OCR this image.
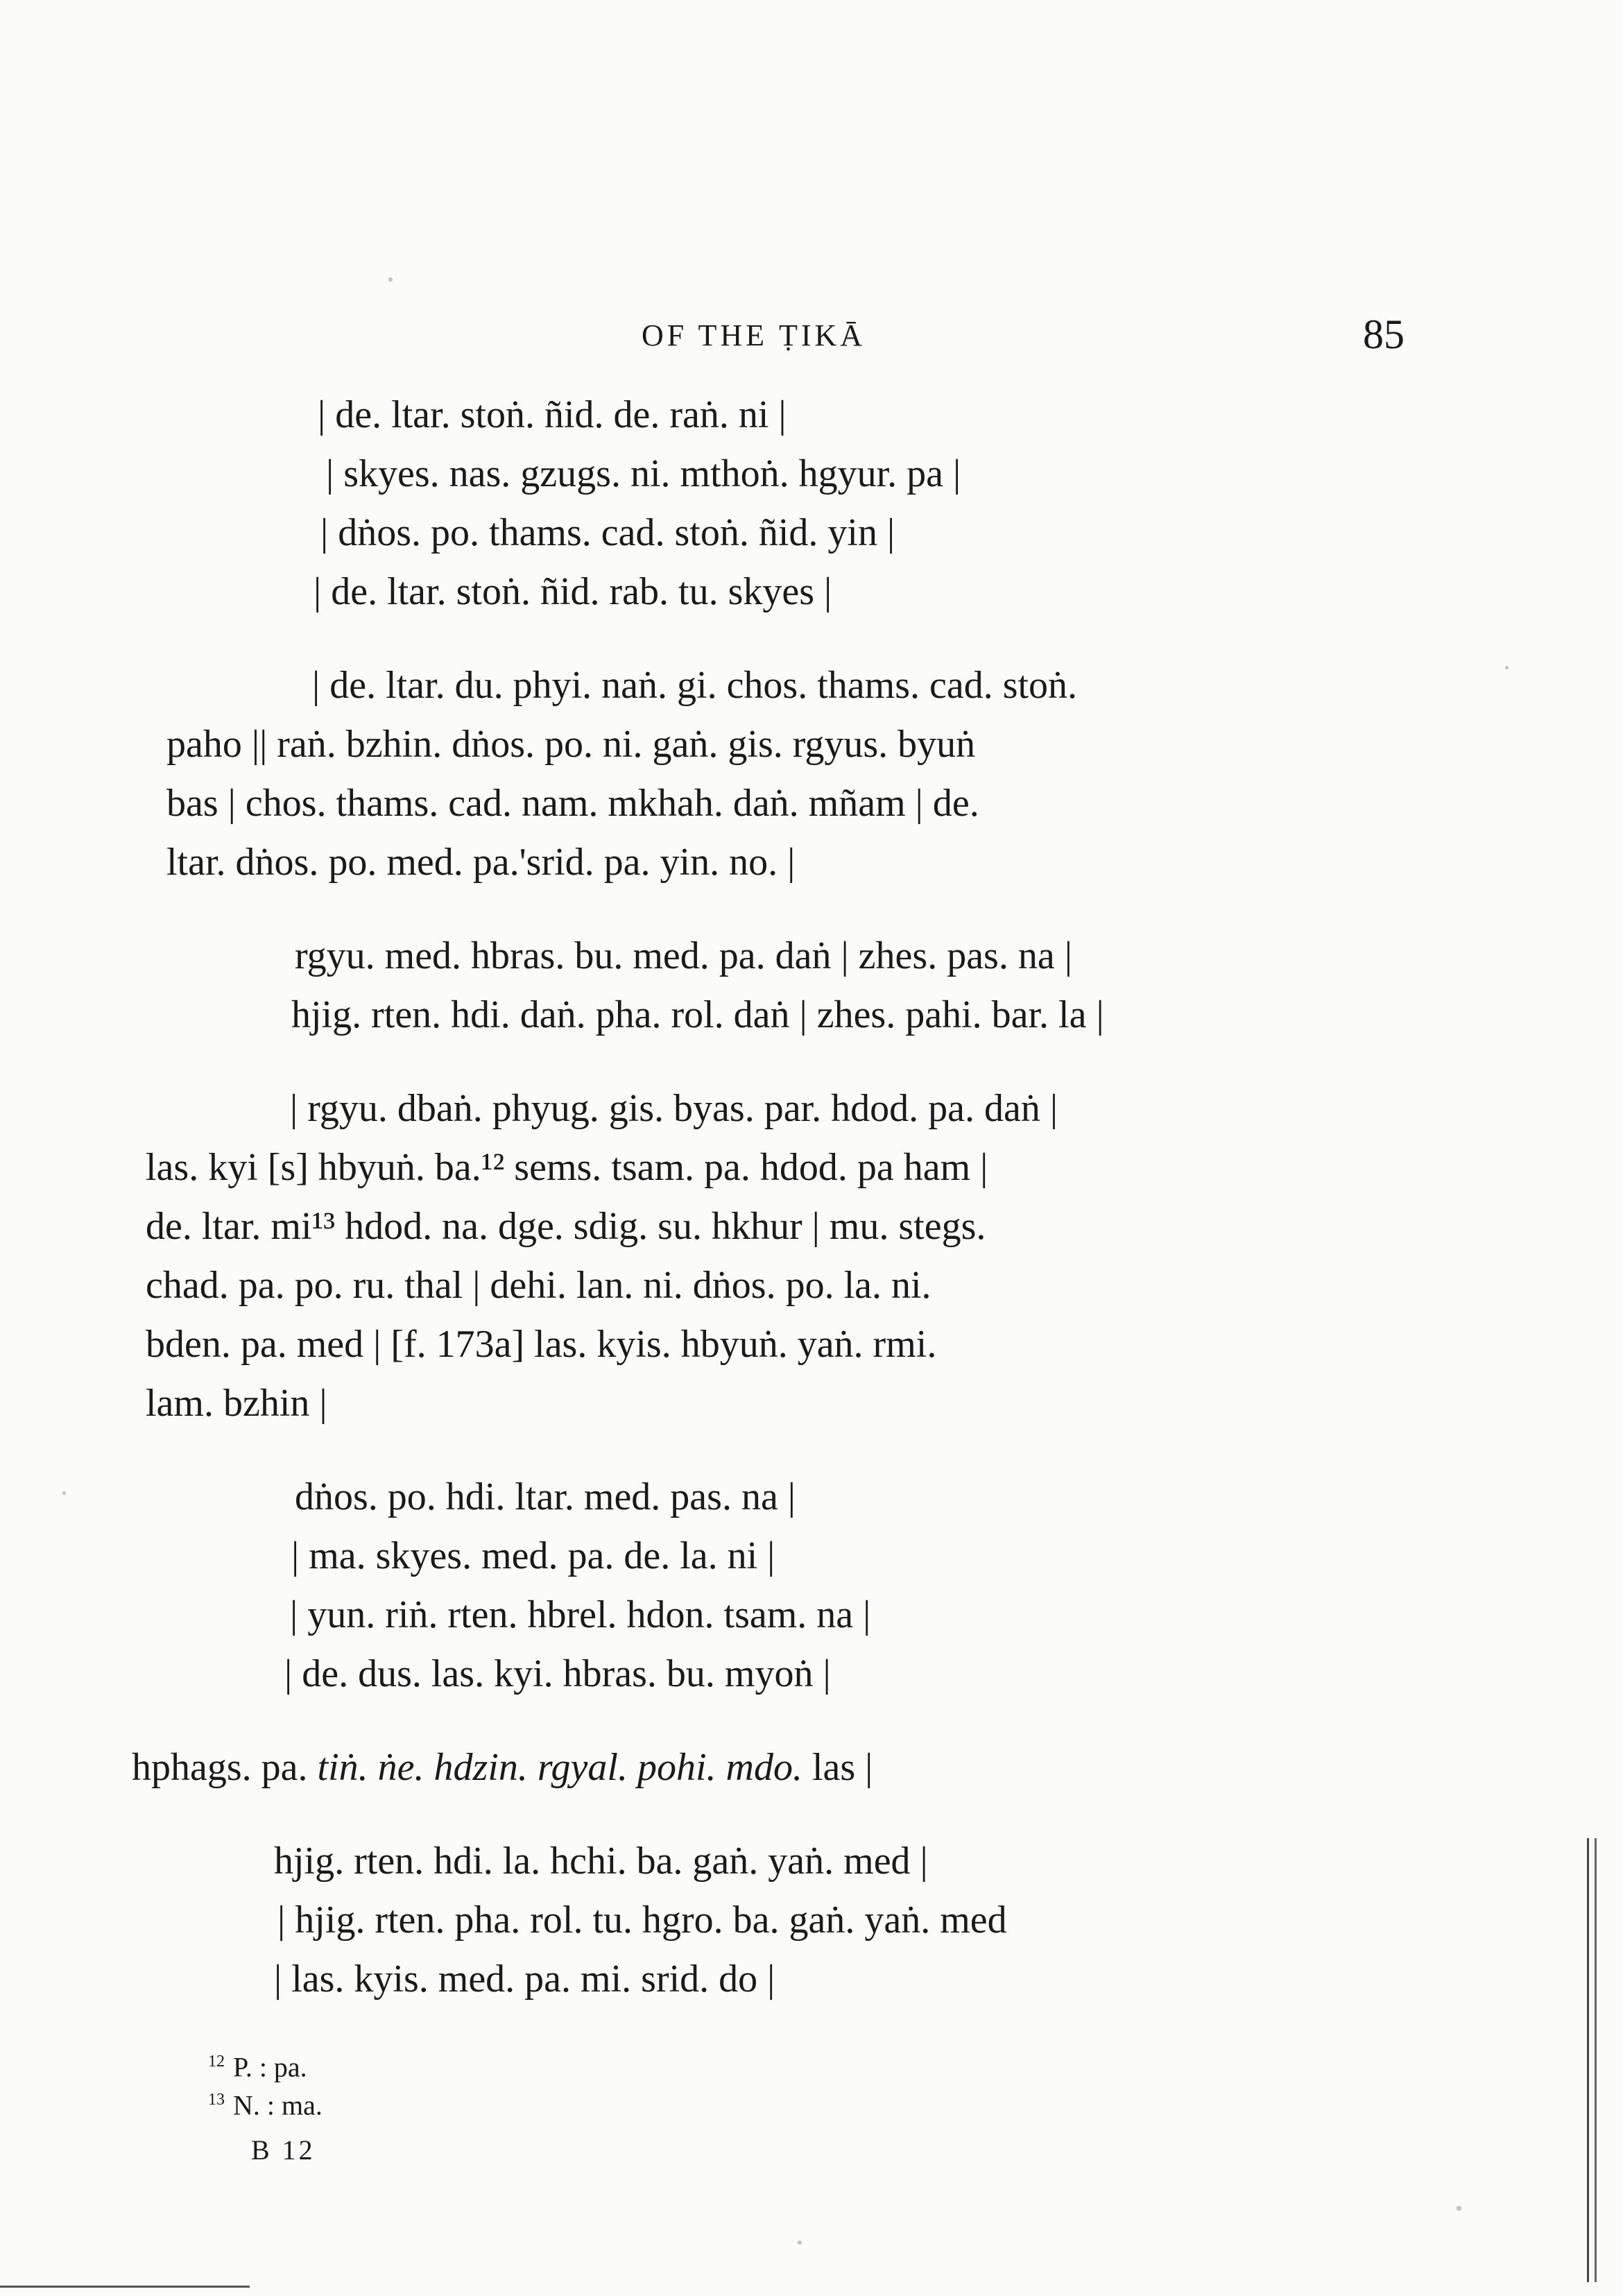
OF THE ṬIKĀ	85
| de. ltar. stoṅ. ñid. de. raṅ. ni |
| skyes. nas. gzugs. ni. mthoṅ. hgyur. pa |
| dṅos. po. thams. cad. stoṅ. ñid. yin |
| de. ltar. stoṅ. ñid. rab. tu. skyes |
| de. ltar. du. phyi. naṅ. gi. chos. thams. cad. stoṅ.
paho || raṅ. bzhin. dṅos. po. ni. gaṅ. gis. rgyus. byuṅ
bas | chos. thams. cad. nam. mkhah. daṅ. mñam | de.
ltar. dṅos. po. med. pa.'srid. pa. yin. no. |
rgyu. med. hbras. bu. med. pa. daṅ | zhes. pas. na |
hjig. rten. hdi. daṅ. pha. rol. daṅ | zhes. pahi. bar. la |
| rgyu. dbaṅ. phyug. gis. byas. par. hdod. pa. daṅ |
las. kyi [s] hbyuṅ. ba.¹² sems. tsam. pa. hdod. pa ham |
de. ltar. mi¹³ hdod. na. dge. sdig. su. hkhur | mu. stegs.
chad. pa. po. ru. thal | dehi. lan. ni. dṅos. po. la. ni.
bden. pa. med | [f. 173a] las. kyis. hbyuṅ. yaṅ. rmi.
lam. bzhin |
dṅos. po. hdi. ltar. med. pas. na |
| ma. skyes. med. pa. de. la. ni |
| yun. riṅ. rten. hbrel. hdon. tsam. na |
| de. dus. las. kyi. hbras. bu. myoṅ |
hphags. pa. tiṅ. ṅe. hdzin. rgyal. pohi. mdo. las |
hjig. rten. hdi. la. hchi. ba. gaṅ. yaṅ. med |
| hjig. rten. pha. rol. tu. hgro. ba. gaṅ. yaṅ. med
| las. kyis. med. pa. mi. srid. do |
$^{12}$ P. : pa.
$^{13}$ N. : ma.
B 12
